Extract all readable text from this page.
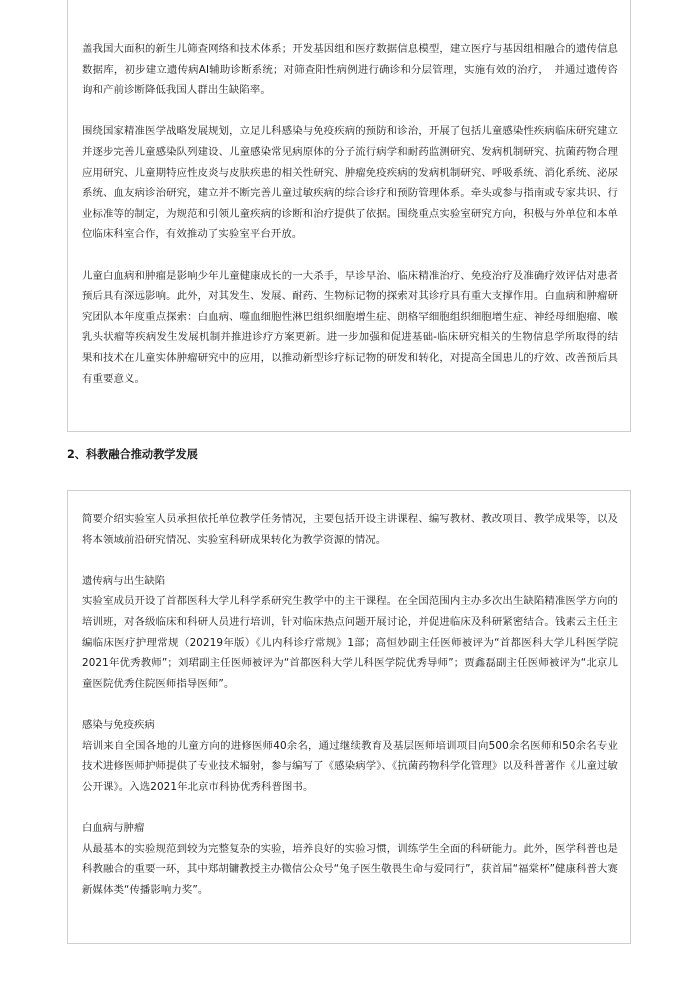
盖我国大面积的新生儿筛查网络和技术体系；开发基因组和医疗数据信息模型，建立医疗与基因组相融合的遗传信息数据库，初步建立遗传病AI辅助诊断系统；对筛查阳性病例进行确诊和分层管理，实施有效的治疗，　并通过遗传咨询和产前诊断降低我国人群出生缺陷率。

围绕国家精准医学战略发展规划，立足儿科感染与免疫疾病的预防和诊治，开展了包括儿童感染性疾病临床研究建立并逐步完善儿童感染队列建设、儿童感染常见病原体的分子流行病学和耐药监测研究、发病机制研究、抗菌药物合理应用研究、儿童期特应性皮炎与皮肤疾患的相关性研究、肿瘤免疫疾病的发病机制研究、呼吸系统、消化系统、泌尿系统、血友病诊治研究，建立并不断完善儿童过敏疾病的综合诊疗和预防管理体系。牵头或参与指南或专家共识、行业标准等的制定，为规范和引领儿童疾病的诊断和治疗提供了依据。围绕重点实验室研究方向，积极与外单位和本单位临床科室合作，有效推动了实验室平台开放。

儿童白血病和肿瘤是影响少年儿童健康成长的一大杀手，早诊早治、临床精准治疗、免疫治疗及准确疗效评估对患者预后具有深远影响。此外，对其发生、发展、耐药、生物标记物的探索对其诊疗具有重大支撑作用。白血病和肿瘤研究团队本年度重点探索：白血病、噬血细胞性淋巴组织细胞增生症、朗格罕细胞组织细胞增生症、神经母细胞瘤、喉乳头状瘤等疾病发生发展机制并推进诊疗方案更新。进一步加强和促进基础-临床研究相关的生物信息学所取得的结果和技术在儿童实体肿瘤研究中的应用，以推动新型诊疗标记物的研发和转化，对提高全国患儿的疗效、改善预后具有重要意义。

2、科教融合推动教学发展

简要介绍实验室人员承担依托单位教学任务情况，主要包括开设主讲课程、编写教材、教改项目、教学成果等，以及将本领域前沿研究情况、实验室科研成果转化为教学资源的情况。

遗传病与出生缺陷

实验室成员开设了首都医科大学儿科学系研究生教学中的主干课程。在全国范围内主办多次出生缺陷精准医学方向的培训班，对各级临床和科研人员进行培训，针对临床热点问题开展讨论，并促进临床及科研紧密结合。钱素云主任主编临床医疗护理常规（20219年版）《儿内科诊疗常规》1部；高恒妙副主任医师被评为“首都医科大学儿科医学院2021年优秀教师”；刘珺副主任医师被评为“首都医科大学儿科医学院优秀导师”；贾鑫磊副主任医师被评为“北京儿童医院优秀住院医师指导医师”。

感染与免疫疾病

培训来自全国各地的儿童方向的进修医师40余名，通过继续教育及基层医师培训项目向500余名医师和50余名专业技术进修医师护师提供了专业技术辐射，参与编写了《感染病学》、《抗菌药物科学化管理》以及科普著作《儿童过敏公开课》。入选2021年北京市科协优秀科普图书。

白血病与肿瘤

从最基本的实验规范到较为完整复杂的实验，培养良好的实验习惯，训练学生全面的科研能力。此外，医学科普也是科教融合的重要一环，其中郑胡镛教授主办微信公众号“兔子医生敬畏生命与爱同行”，获首届“福棠杯”健康科普大赛新媒体类“传播影响力奖”。
